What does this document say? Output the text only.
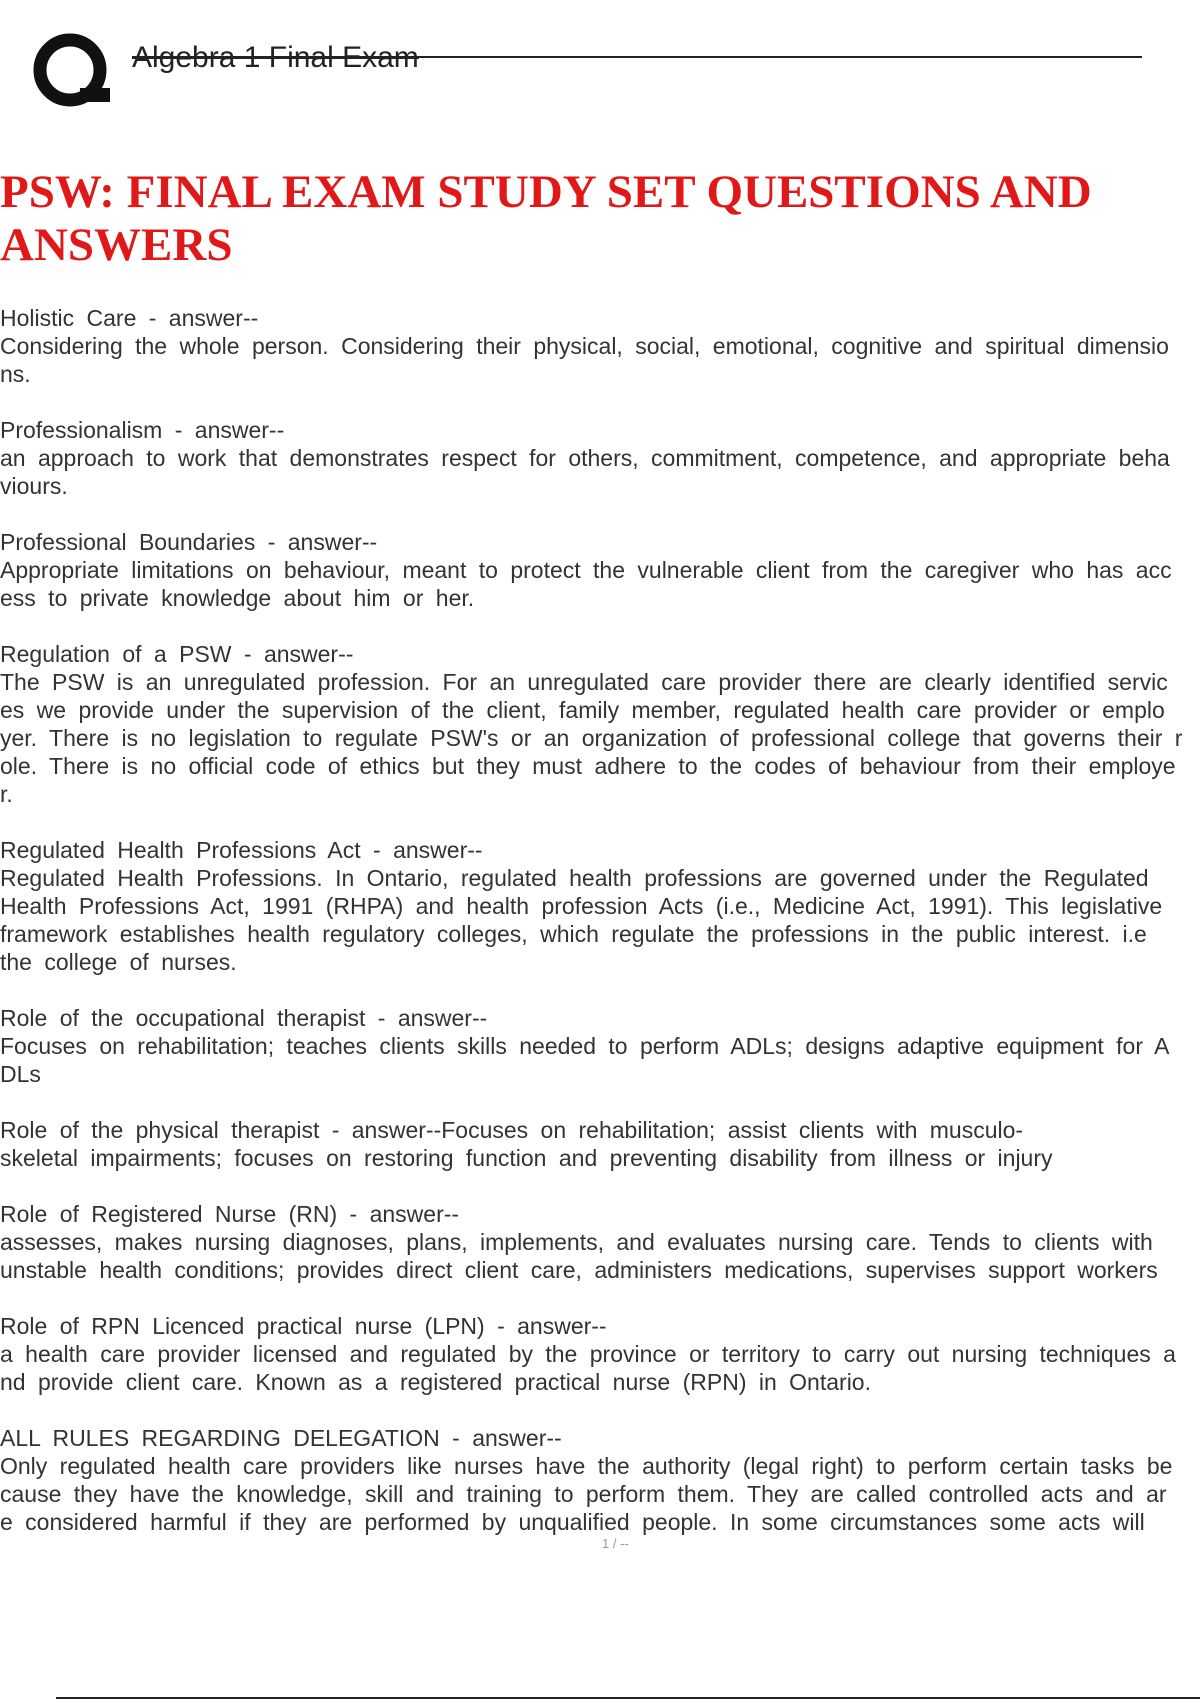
Algebra 1 Final Exam
PSW: FINAL EXAM STUDY SET QUESTIONS AND ANSWERS
Holistic Care - answer--
Considering the whole person. Considering their physical, social, emotional, cognitive and spiritual dimensio
ns.
Professionalism - answer--
an approach to work that demonstrates respect for others, commitment, competence, and appropriate beha
viours.
Professional Boundaries - answer--
Appropriate limitations on behaviour, meant to protect the vulnerable client from the caregiver who has acc
ess to private knowledge about him or her.
Regulation of a PSW - answer--
The PSW is an unregulated profession. For an unregulated care provider there are clearly identified servic
es we provide under the supervision of the client, family member, regulated health care provider or emplo
yer. There is no legislation to regulate PSW's or an organization of professional college that governs their r
ole. There is no official code of ethics but they must adhere to the codes of behaviour from their employe
r.
Regulated Health Professions Act - answer--
Regulated Health Professions. In Ontario, regulated health professions are governed under the Regulated
Health Professions Act, 1991 (RHPA) and health profession Acts (i.e., Medicine Act, 1991). This legislative
framework establishes health regulatory colleges, which regulate the professions in the public interest. i.e
the college of nurses.
Role of the occupational therapist - answer--
Focuses on rehabilitation; teaches clients skills needed to perform ADLs; designs adaptive equipment for A
DLs
Role of the physical therapist - answer--Focuses on rehabilitation; assist clients with musculo-
skeletal impairments; focuses on restoring function and preventing disability from illness or injury
Role of Registered Nurse (RN) - answer--
assesses, makes nursing diagnoses, plans, implements, and evaluates nursing care. Tends to clients with
unstable health conditions; provides direct client care, administers medications, supervises support workers
Role of RPN Licenced practical nurse (LPN) - answer--
a health care provider licensed and regulated by the province or territory to carry out nursing techniques a
nd provide client care. Known as a registered practical nurse (RPN) in Ontario.
ALL RULES REGARDING DELEGATION - answer--
Only regulated health care providers like nurses have the authority (legal right) to perform certain tasks be
cause they have the knowledge, skill and training to perform them. They are called controlled acts and ar
e considered harmful if they are performed by unqualified people. In some circumstances some acts will
1 / --
